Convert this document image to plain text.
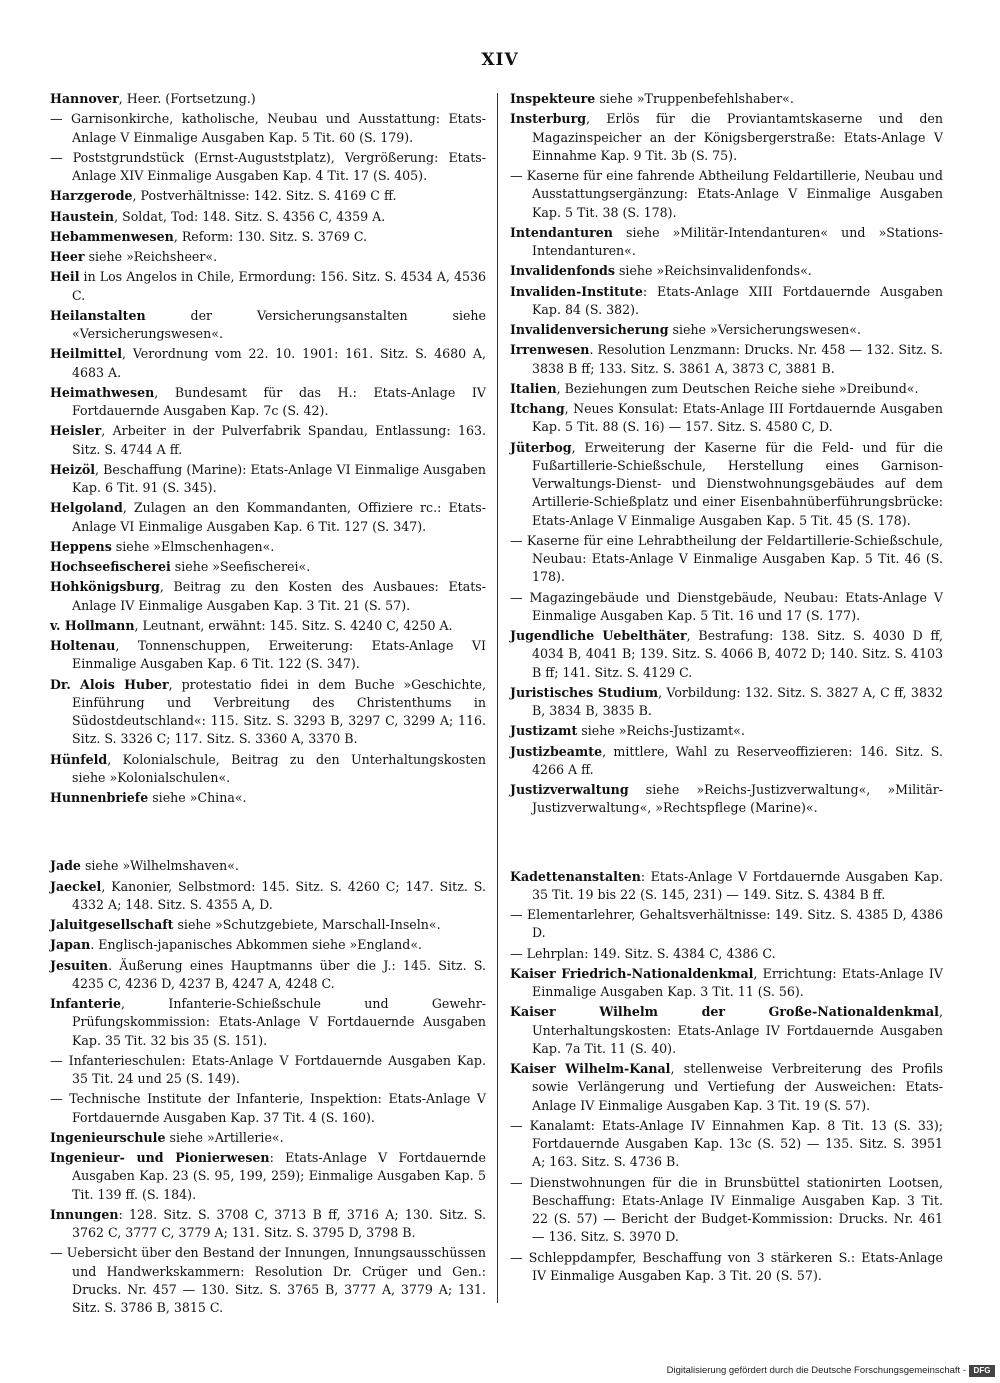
XIV
Hannover, Heer. (Fortsetzung.)
— Garnisonkirche, katholische, Neubau und Ausstattung: Etats-Anlage V Einmalige Ausgaben Kap. 5 Tit. 60 (S. 179).
— Poststgrundstück (Ernst-Auguststplatz), Vergrößerung: Etats-Anlage XIV Einmalige Ausgaben Kap. 4 Tit. 17 (S. 405).
Harzgerode, Postverhältnisse: 142. Sitz. S. 4169 C ff.
Haustein, Soldat, Tod: 148. Sitz. S. 4356 C, 4359 A.
Hebammenwesen, Reform: 130. Sitz. S. 3769 C.
Heer siehe »Reichsheer«.
Heil in Los Angelos in Chile, Ermordung: 156. Sitz. S. 4534 A, 4536 C.
Heilanstalten der Versicherungsanstalten siehe «Versicherungswesen«.
Heilmittel, Verordnung vom 22. 10. 1901: 161. Sitz. S. 4680 A, 4683 A.
Heimathwesen, Bundesamt für das H.: Etats-Anlage IV Fortdauernde Ausgaben Kap. 7c (S. 42).
Heisler, Arbeiter in der Pulverfabrik Spandau, Entlassung: 163. Sitz. S. 4744 A ff.
Heizöl, Beschaffung (Marine): Etats-Anlage VI Einmalige Ausgaben Kap. 6 Tit. 91 (S. 345).
Helgoland, Zulagen an den Kommandanten, Offiziere rc.: Etats-Anlage VI Einmalige Ausgaben Kap. 6 Tit. 127 (S. 347).
Heppens siehe »Elmschenhagen«.
Hochseefischerei siehe »Seefischerei«.
Hohkönigsburg, Beitrag zu den Kosten des Ausbaues: Etats-Anlage IV Einmalige Ausgaben Kap. 3 Tit. 21 (S. 57).
v. Hollmann, Leutnant, erwähnt: 145. Sitz. S. 4240 C, 4250 A.
Holtenau, Tonnenschuppen, Erweiterung: Etats-Anlage VI Einmalige Ausgaben Kap. 6 Tit. 122 (S. 347).
Dr. Alois Huber, protestatio fidei in dem Buche »Geschichte, Einführung und Verbreitung des Christenthums in Südostdeutschland«: 115. Sitz. S. 3293 B, 3297 C, 3299 A; 116. Sitz. S. 3326 C; 117. Sitz. S. 3360 A, 3370 B.
Hünfeld, Kolonialschule, Beitrag zu den Unterhaltungskosten siehe »Kolonialschulen«.
Hunnenbriefe siehe »China«.
Jade siehe »Wilhelmshaven«.
Jaeckel, Kanonier, Selbstmord: 145. Sitz. S. 4260 C; 147. Sitz. S. 4332 A; 148. Sitz. S. 4355 A, D.
Jaluitgesellschaft siehe »Schutzgebiete, Marschall-Inseln«.
Japan. Englisch-japanisches Abkommen siehe »England«.
Jesuiten. Äußerung eines Hauptmanns über die J.: 145. Sitz. S. 4235 C, 4236 D, 4237 B, 4247 A, 4248 C.
Infanterie, Infanterie-Schießschule und Gewehr-Prüfungskommission: Etats-Anlage V Fortdauernde Ausgaben Kap. 35 Tit. 32 bis 35 (S. 151).
— Infanterieschulen: Etats-Anlage V Fortdauernde Ausgaben Kap. 35 Tit. 24 und 25 (S. 149).
— Technische Institute der Infanterie, Inspektion: Etats-Anlage V Fortdauernde Ausgaben Kap. 37 Tit. 4 (S. 160).
Ingenieurschule siehe »Artillerie«.
Ingenieur- und Pionierwesen: Etats-Anlage V Fortdauernde Ausgaben Kap. 23 (S. 95, 199, 259); Einmalige Ausgaben Kap. 5 Tit. 139 ff. (S. 184).
Innungen: 128. Sitz. S. 3708 C, 3713 B ff, 3716 A; 130. Sitz. S. 3762 C, 3777 C, 3779 A; 131. Sitz. S. 3795 D, 3798 B.
— Uebersicht über den Bestand der Innungen, Innungsausschüssen und Handwerkskammern: Resolution Dr. Crüger und Gen.: Drucks. Nr. 457 — 130. Sitz. S. 3765 B, 3777 A, 3779 A; 131. Sitz. S. 3786 B, 3815 C.
Inspekteure siehe »Truppenbefehlshaber«.
Insterburg, Erlös für die Proviantamtskaserne und den Magazinspeicher an der Königsbergerstraße: Etats-Anlage V Einnahme Kap. 9 Tit. 3b (S. 75).
— Kaserne für eine fahrende Abtheilung Feldartillerie, Neubau und Ausstattungsergänzung: Etats-Anlage V Einmalige Ausgaben Kap. 5 Tit. 38 (S. 178).
Intendanturen siehe »Militär-Intendanturen« und »Stations-Intendanturen«.
Invalidenfonds siehe »Reichsinvalidenfonds«.
Invaliden-Institute: Etats-Anlage XIII Fortdauernde Ausgaben Kap. 84 (S. 382).
Invalidenversicherung siehe »Versicherungswesen«.
Irrenwesen. Resolution Lenzmann: Drucks. Nr. 458 — 132. Sitz. S. 3838 B ff; 133. Sitz. S. 3861 A, 3873 C, 3881 B.
Italien, Beziehungen zum Deutschen Reiche siehe »Dreibund«.
Itchang, Neues Konsulat: Etats-Anlage III Fortdauernde Ausgaben Kap. 5 Tit. 88 (S. 16) — 157. Sitz. S. 4580 C, D.
Jüterbog, Erweiterung der Kaserne für die Feld- und für die Fußartillerie-Schießschule, Herstellung eines Garnison-Verwaltungs-Dienst- und Dienstwohnungsgebäudes auf dem Artillerie-Schießplatz und einer Eisenbahnüberführungsbrücke: Etats-Anlage V Einmalige Ausgaben Kap. 5 Tit. 45 (S. 178).
— Kaserne für eine Lehrabtheilung der Feldartillerie-Schießschule, Neubau: Etats-Anlage V Einmalige Ausgaben Kap. 5 Tit. 46 (S. 178).
— Magazingebäude und Dienstgebäude, Neubau: Etats-Anlage V Einmalige Ausgaben Kap. 5 Tit. 16 und 17 (S. 177).
Jugendliche Uebelthäter, Bestrafung: 138. Sitz. S. 4030 D ff, 4034 B, 4041 B; 139. Sitz. S. 4066 B, 4072 D; 140. Sitz. S. 4103 B ff; 141. Sitz. S. 4129 C.
Juristisches Studium, Vorbildung: 132. Sitz. S. 3827 A, C ff, 3832 B, 3834 B, 3835 B.
Justizamt siehe »Reichs-Justizamt«.
Justizbeamte, mittlere, Wahl zu Reserveoffizieren: 146. Sitz. S. 4266 A ff.
Justizverwaltung siehe »Reichs-Justizverwaltung«, »Militär-Justizverwaltung«, »Rechtspflege (Marine)«.
Kadettenanstalten: Etats-Anlage V Fortdauernde Ausgaben Kap. 35 Tit. 19 bis 22 (S. 145, 231) — 149. Sitz. S. 4384 B ff.
— Elementarlehrer, Gehaltsverhältnisse: 149. Sitz. S. 4385 D, 4386 D.
— Lehrplan: 149. Sitz. S. 4384 C, 4386 C.
Kaiser Friedrich-Nationaldenkmal, Errichtung: Etats-Anlage IV Einmalige Ausgaben Kap. 3 Tit. 11 (S. 56).
Kaiser Wilhelm der Große-Nationaldenkmal, Unterhaltungskosten: Etats-Anlage IV Fortdauernde Ausgaben Kap. 7a Tit. 11 (S. 40).
Kaiser Wilhelm-Kanal, stellenweise Verbreiterung des Profils sowie Verlängerung und Vertiefung der Ausweichen: Etats-Anlage IV Einmalige Ausgaben Kap. 3 Tit. 19 (S. 57).
— Kanalamt: Etats-Anlage IV Einnahmen Kap. 8 Tit. 13 (S. 33); Fortdauernde Ausgaben Kap. 13c (S. 52) — 135. Sitz. S. 3951 A; 163. Sitz. S. 4736 B.
— Dienstwohnungen für die in Brunsbüttel stationirten Lootsen, Beschaffung: Etats-Anlage IV Einmalige Ausgaben Kap. 3 Tit. 22 (S. 57) — Bericht der Budget-Kommission: Drucks. Nr. 461 — 136. Sitz. S. 3970 D.
— Schleppdampfer, Beschaffung von 3 stärkeren S.: Etats-Anlage IV Einmalige Ausgaben Kap. 3 Tit. 20 (S. 57).
Digitalisierung gefördert durch die Deutsche Forschungsgemeinschaft - DFG
